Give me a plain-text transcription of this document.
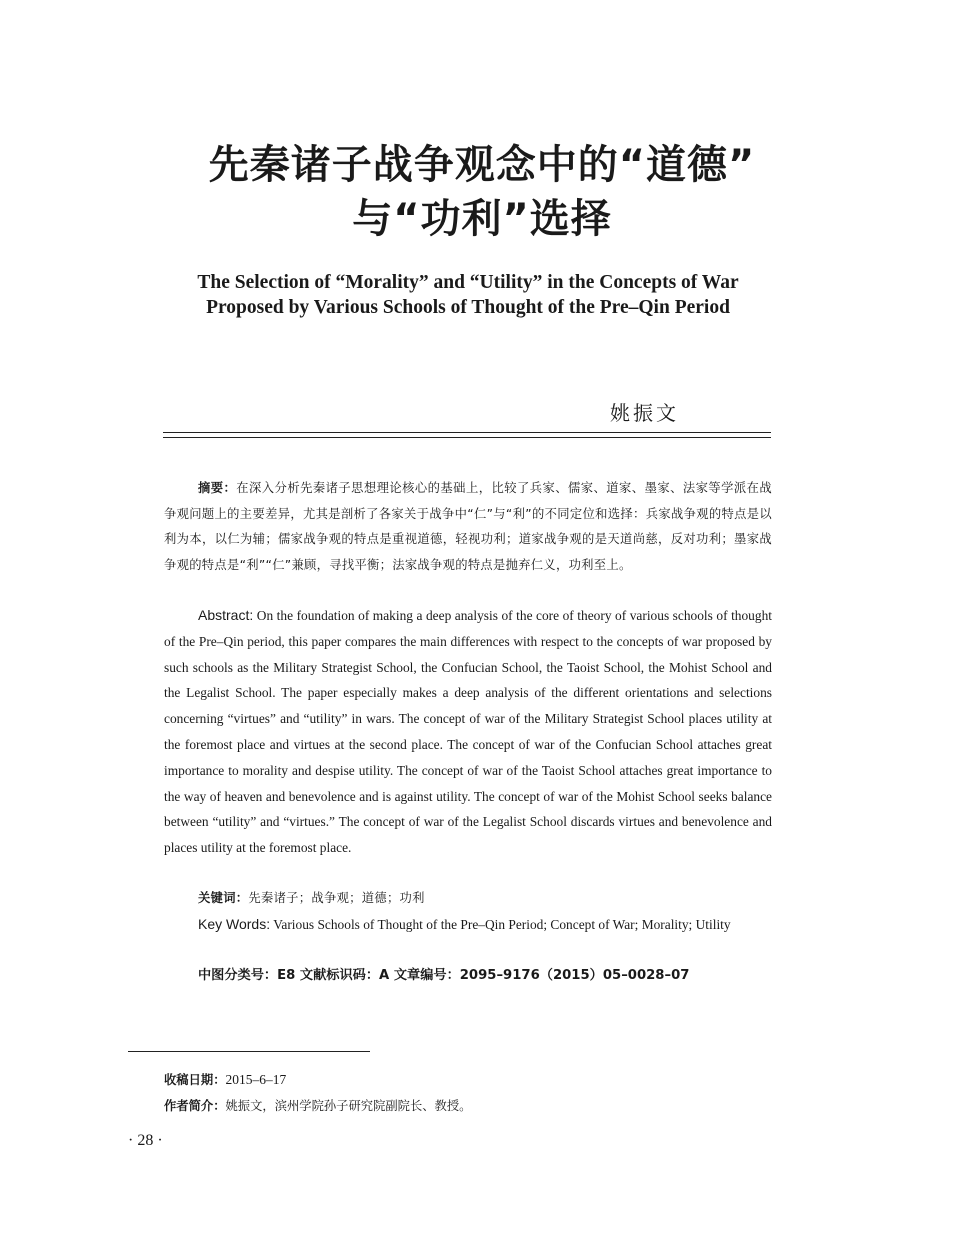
先秦诸子战争观念中的“道德”
与“功利”选择
The Selection of “Morality” and “Utility” in the Concepts of War
Proposed by Various Schools of Thought of the Pre–Qin Period
姚振文
摘要：在深入分析先秦诸子思想理论核心的基础上，比较了兵家、儒家、道家、墨家、法家等学派在战争观问题上的主要差异，尤其是剖析了各家关于战争中“仁”与“利”的不同定位和选择：兵家战争观的特点是以利为本，以仁为辅；儒家战争观的特点是重视道德，轻视功利；道家战争观的是天道尚慈，反对功利；墨家战争观的特点是“利”“仁”兼顾，寻找平衡；法家战争观的特点是抛弃仁义，功利至上。
Abstract: On the foundation of making a deep analysis of the core of theory of various schools of thought of the Pre–Qin period, this paper compares the main differences with respect to the concepts of war proposed by such schools as the Military Strategist School, the Confucian School, the Taoist School, the Mohist School and the Legalist School. The paper especially makes a deep analysis of the different orientations and selections concerning “virtues” and “utility” in wars. The concept of war of the Military Strategist School places utility at the foremost place and virtues at the second place. The concept of war of the Confucian School attaches great importance to morality and despise utility. The concept of war of the Taoist School attaches great importance to the way of heaven and benevolence and is against utility. The concept of war of the Mohist School seeks balance between “utility” and “virtues.” The concept of war of the Legalist School discards virtues and benevolence and places utility at the foremost place.
关键词：先秦诸子；战争观；道德；功利
Key Words: Various Schools of Thought of the Pre–Qin Period; Concept of War; Morality; Utility
中图分类号：E8 文献标识码：A 文章编号：2095–9176（2015）05–0028–07
收稿日期：2015–6–17
作者简介：姚振文，滨州学院孙子研究院副院长、教授。
· 28 ·
